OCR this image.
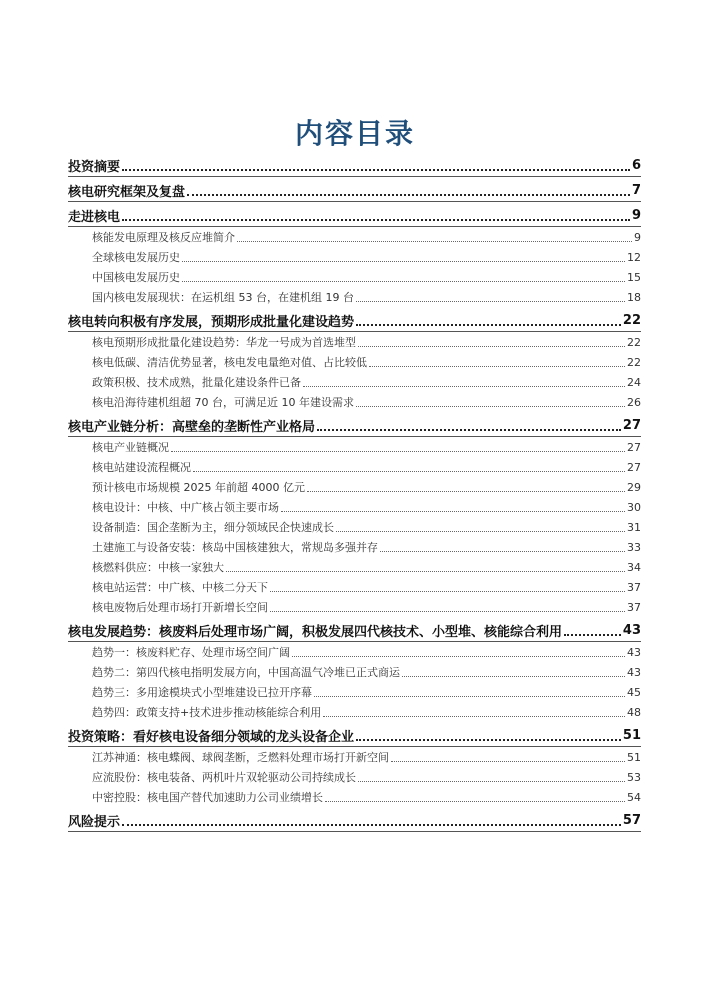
内容目录
投资摘要	6
核电研究框架及复盘	7
走进核电	9
核能发电原理及核反应堆简介	9
全球核电发展历史	12
中国核电发展历史	15
国内核电发展现状：在运机组 53 台，在建机组 19 台	18
核电转向积极有序发展，预期形成批量化建设趋势	22
核电预期形成批量化建设趋势：华龙一号成为首选堆型	22
核电低碳、清洁优势显著，核电发电量绝对值、占比较低	22
政策积极、技术成熟，批量化建设条件已备	24
核电沿海待建机组超 70 台，可满足近 10 年建设需求	26
核电产业链分析：高壁垒的垄断性产业格局	27
核电产业链概况	27
核电站建设流程概况	27
预计核电市场规模 2025 年前超 4000 亿元	29
核电设计：中核、中广核占领主要市场	30
设备制造：国企垄断为主，细分领域民企快速成长	31
土建施工与设备安装：核岛中国核建独大，常规岛多强并存	33
核燃料供应：中核一家独大	34
核电站运营：中广核、中核二分天下	37
核电废物后处理市场打开新增长空间	37
核电发展趋势：核废料后处理市场广阔，积极发展四代核技术、小型堆、核能综合利用	43
趋势一：核废料贮存、处理市场空间广阔	43
趋势二：第四代核电指明发展方向，中国高温气冷堆已正式商运	43
趋势三：多用途模块式小型堆建设已拉开序幕	45
趋势四：政策支持+技术进步推动核能综合利用	48
投资策略：看好核电设备细分领域的龙头设备企业	51
江苏神通：核电蝶阀、球阀垄断，乏燃料处理市场打开新空间	51
应流股份：核电装备、两机叶片双轮驱动公司持续成长	53
中密控股：核电国产替代加速助力公司业绩增长	54
风险提示	57
